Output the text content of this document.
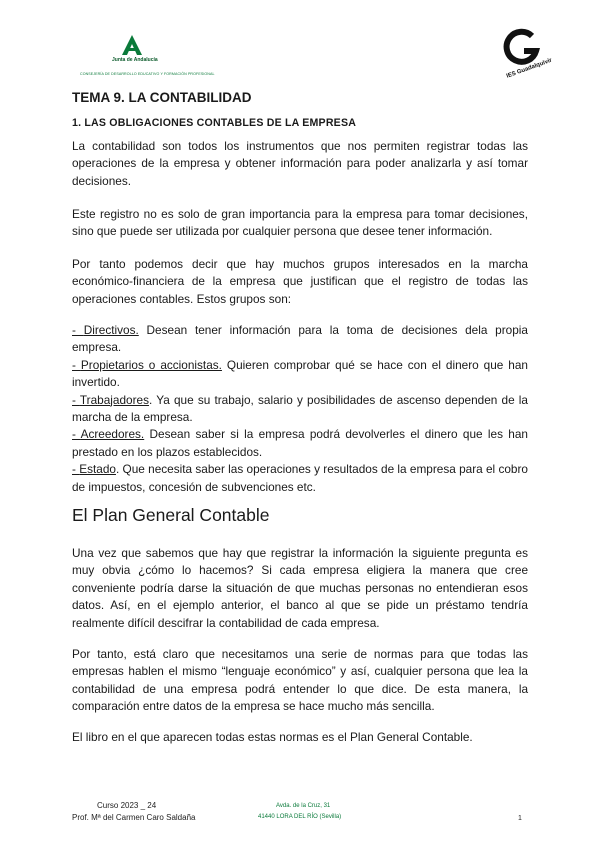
Junta de Andalucía
CONSEJERÍA DE DESARROLLO EDUCATIVO Y FORMACIÓN PROFESIONAL	IES Guadalquivir
TEMA 9. LA CONTABILIDAD
1. LAS OBLIGACIONES CONTABLES DE LA EMPRESA

La contabilidad son todos los instrumentos que nos permiten registrar todas las operaciones de la empresa y obtener información para poder analizarla y así tomar decisiones.

Este registro no es solo de gran importancia para la empresa para tomar decisiones, sino que puede ser utilizada por cualquier persona que desee tener información.

Por tanto podemos decir que hay muchos grupos interesados en la marcha económico-financiera de la empresa que justifican que el registro de todas las operaciones contables. Estos grupos son:

- Directivos. Desean tener información para la toma de decisiones dela propia empresa.
- Propietarios o accionistas. Quieren comprobar qué se hace con el dinero que han invertido.
- Trabajadores. Ya que su trabajo, salario y posibilidades de ascenso dependen de la marcha de la empresa.
- Acreedores. Desean saber si la empresa podrá devolverles el dinero que les han prestado en los plazos establecidos.
- Estado. Que necesita saber las operaciones y resultados de la empresa para el cobro de impuestos, concesión de subvenciones etc.
El Plan General Contable

Una vez que sabemos que hay que registrar la información la siguiente pregunta es muy obvia ¿cómo lo hacemos? Si cada empresa eligiera la manera que cree conveniente podría darse la situación de que muchas personas no entendieran esos datos. Así, en el ejemplo anterior, el banco al que se pide un préstamo tendría realmente difícil descifrar la contabilidad de cada empresa.

Por tanto, está claro que necesitamos una serie de normas para que todas las empresas hablen el mismo “lenguaje económico” y así, cualquier persona que lea la contabilidad de una empresa podrá entender lo que dice. De esta manera, la comparación entre datos de la empresa se hace mucho más sencilla.

El libro en el que aparecen todas estas normas es el Plan General Contable.

Curso 2023 _ 24
Prof. Mª del Carmen Caro Saldaña
Avda. de la Cruz, 31
41440 LORA DEL RÍO (Sevilla)	1
